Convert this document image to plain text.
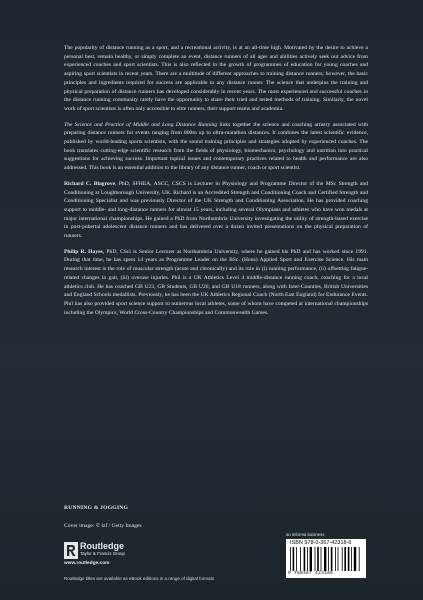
The popularity of distance running as a sport, and a recreational activity, is at an all-time high. Motivated by the desire to achieve a personal best, remain healthy, or simply complete an event, distance runners of all ages and abilities actively seek out advice from experienced coaches and sport scientists. This is also reflected in the growth of programmes of education for young coaches and aspiring sport scientists in recent years. There are a multitude of different approaches to training distance runners; however, the basic principles and ingredients required for success are applicable to any distance runner. The science that underpins the training and physical preparation of distance runners has developed considerably in recent years. The most experienced and successful coaches in the distance running community rarely have the opportunity to share their tried and tested methods of training. Similarly, the novel work of sport scientists is often only accessible to elite runners, their support teams and academia.

The Science and Practice of Middle and Long Distance Running links together the science and coaching artistry associated with preparing distance runners for events ranging from 800m up to ultra-marathon distances. It combines the latest scientific evidence, published by world-leading sports scientists, with the sound training principles and strategies adopted by experienced coaches. The book translates cutting-edge scientific research from the fields of physiology, biomechanics, psychology and nutrition into practical suggestions for achieving success. Important topical issues and contemporary practices related to health and performance are also addressed. This book is an essential addition to the library of any distance runner, coach or sport scientist.

Richard C. Blagrove, PhD, SFHEA, ASCC, CSCS is Lecturer in Physiology and Programme Director of the MSc Strength and Conditioning at Loughborough University, UK. Richard is an Accredited Strength and Conditioning Coach and Certified Strength and Conditioning Specialist and was previously Director of the UK Strength and Conditioning Association. He has provided coaching support to middle- and long-distance runners for almost 15 years, including several Olympians and athletes who have won medals at major international championships. He gained a PhD from Northumbria University investigating the utility of strength-based exercise in post-pubertal adolescent distance runners and has delivered over a dozen invited presentations on the physical preparation of runners.

Philip R. Hayes, PhD, CSci is Senior Lecturer at Northumbria University, where he gained his PhD and has worked since 1991. During that time, he has spent 14 years as Programme Leader on the BSc. (Hons) Applied Sport and Exercise Science. His main research interest is the role of muscular strength (acute and chronically) and its role in (i) running performance, (ii) offsetting fatigue-related changes in gait, (iii) overuse injuries. Phil is a UK Athletics Level 4 middle-distance running coach, coaching for a local athletics club. He has coached GB U23, GB Students, GB U20, and GB U18 runners, along with Inter-Counties, British Universities and England Schools medallists. Previously, he has been the UK Athletics Regional Coach (North East England) for Endurance Events. Phil has also provided sport science support to numerous local athletes, some of whom have competed at international championships including the Olympics, World Cross-Country Championships and Commonwealth Games.

RUNNING & JOGGING
Cover image: © lzf / Getty Images
Routledge
Taylor & Francis Group
www.routledge.com
Routledge titles are available as eBook editions in a range of digital formats
an informa business
ISBN 978-0-367-42318-6
9 780367 423186
